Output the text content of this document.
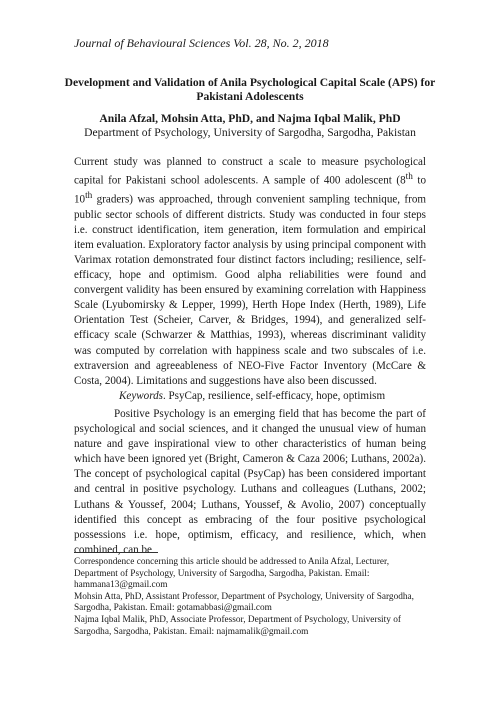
Journal of Behavioural Sciences Vol. 28, No. 2, 2018
Development and Validation of Anila Psychological Capital Scale (APS) for Pakistani Adolescents
Anila Afzal, Mohsin Atta, PhD, and Najma Iqbal Malik, PhD
Department of Psychology, University of Sargodha, Sargodha, Pakistan

Current study was planned to construct a scale to measure psychological capital for Pakistani school adolescents. A sample of 400 adolescent (8th to 10th graders) was approached, through convenient sampling technique, from public sector schools of different districts. Study was conducted in four steps i.e. construct identification, item generation, item formulation and empirical item evaluation. Exploratory factor analysis by using principal component with Varimax rotation demonstrated four distinct factors including; resilience, self-efficacy, hope and optimism. Good alpha reliabilities were found and convergent validity has been ensured by examining correlation with Happiness Scale (Lyubomirsky & Lepper, 1999), Herth Hope Index (Herth, 1989), Life Orientation Test (Scheier, Carver, & Bridges, 1994), and generalized self-efficacy scale (Schwarzer & Matthias, 1993), whereas discriminant validity was computed by correlation with happiness scale and two subscales of i.e. extraversion and agreeableness of NEO-Five Factor Inventory (McCare & Costa, 2004). Limitations and suggestions have also been discussed.

Keywords. PsyCap, resilience, self-efficacy, hope, optimism

Positive Psychology is an emerging field that has become the part of psychological and social sciences, and it changed the unusual view of human nature and gave inspirational view to other characteristics of human being which have been ignored yet (Bright, Cameron & Caza 2006; Luthans, 2002a). The concept of psychological capital (PsyCap) has been considered important and central in positive psychology. Luthans and colleagues (Luthans, 2002; Luthans & Youssef, 2004; Luthans, Youssef, & Avolio, 2007) conceptually identified this concept as embracing of the four positive psychological possessions i.e. hope, optimism, efficacy, and resilience, which, when combined, can be

Correspondence concerning this article should be addressed to Anila Afzal, Lecturer, Department of Psychology, University of Sargodha, Sargodha, Pakistan. Email: hammana13@gmail.com

Mohsin Atta, PhD, Assistant Professor, Department of Psychology, University of Sargodha, Sargodha, Pakistan. Email: gotamabbasi@gmail.com

Najma Iqbal Malik, PhD, Associate Professor, Department of Psychology, University of Sargodha, Sargodha, Pakistan. Email: najmamalik@gmail.com
